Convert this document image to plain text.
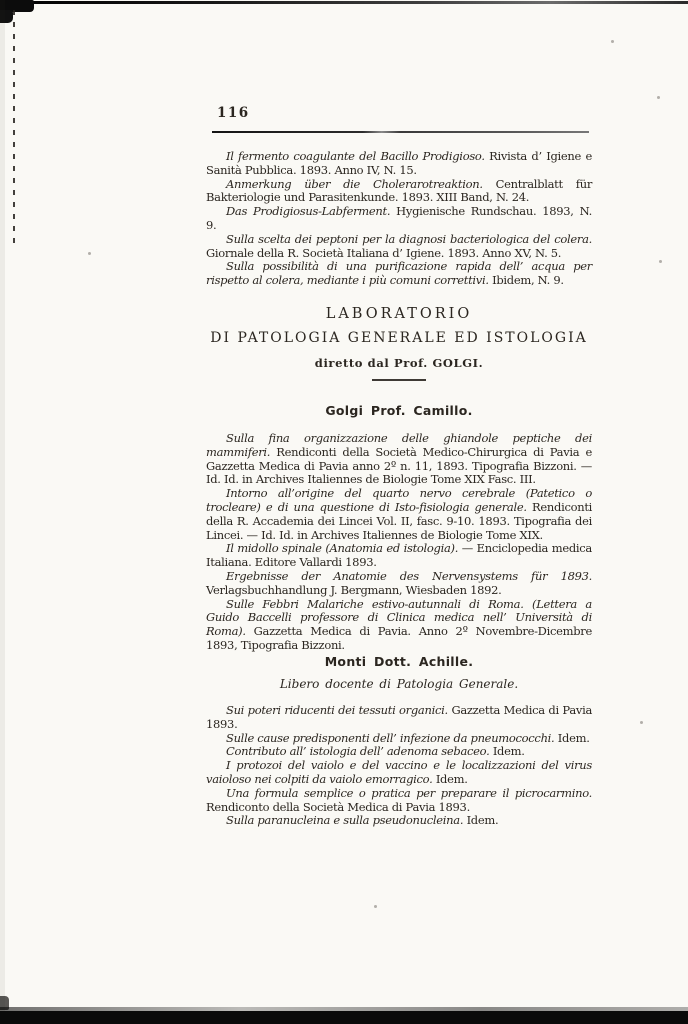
116

Il fermento coagulante del Bacillo Prodigioso. Rivista d’ Igiene e Sanità Pubblica. 1893. Anno IV, N. 15.

Anmerkung über die Cholerarotreaktion. Centralblatt für Bakteriologie und Parasitenkunde. 1893. XIII Band, N. 24.

Das Prodigiosus-Labferment. Hygienische Rundschau. 1893, N. 9.

Sulla scelta dei peptoni per la diagnosi bacteriologica del colera. Giornale della R. Società Italiana d’ Igiene. 1893. Anno XV, N. 5.

Sulla possibilità di una purificazione rapida dell’ acqua per rispetto al colera, mediante i più comuni correttivi. Ibidem, N. 9.

LABORATORIO
DI PATOLOGIA GENERALE ED ISTOLOGIA
diretto dal Prof. GOLGI.
Golgi Prof. Camillo.

Sulla fina organizzazione delle ghiandole peptiche dei mammiferi. Rendiconti della Società Medico-Chirurgica di Pavia e Gazzetta Medica di Pavia anno 2º n. 11, 1893. Tipografia Bizzoni. — Id. Id. in Archives Italiennes de Biologie Tome XIX Fasc. III.

Intorno all’origine del quarto nervo cerebrale (Patetico o trocleare) e di una questione di Isto-fisiologia generale. Rendiconti della R. Accademia dei Lincei Vol. II, fasc. 9-10. 1893. Tipografia dei Lincei. — Id. Id. in Archives Italiennes de Biologie Tome XIX.

Il midollo spinale (Anatomia ed istologia). — Enciclopedia medica Italiana. Editore Vallardi 1893.

Ergebnisse der Anatomie des Nervensystems für 1893. Verlagsbuchhandlung J. Bergmann, Wiesbaden 1892.

Sulle Febbri Malariche estivo-autunnali di Roma. (Lettera a Guido Baccelli professore di Clinica medica nell’ Università di Roma). Gazzetta Medica di Pavia. Anno 2º Novembre-Dicembre 1893, Tipografia Bizzoni.

Monti Dott. Achille.
Libero docente di Patologia Generale.

Sui poteri riducenti dei tessuti organici. Gazzetta Medica di Pavia 1893.

Sulle cause predisponenti dell’ infezione da pneumococchi. Idem.

Contributo all’ istologia dell’ adenoma sebaceo. Idem.

I protozoi del vaiolo e del vaccino e le localizzazioni del virus vaioloso nei colpiti da vaiolo emorragico. Idem.

Una formula semplice o pratica per preparare il picrocarmino. Rendiconto della Società Medica di Pavia 1893.

Sulla paranucleina e sulla pseudonucleina. Idem.
